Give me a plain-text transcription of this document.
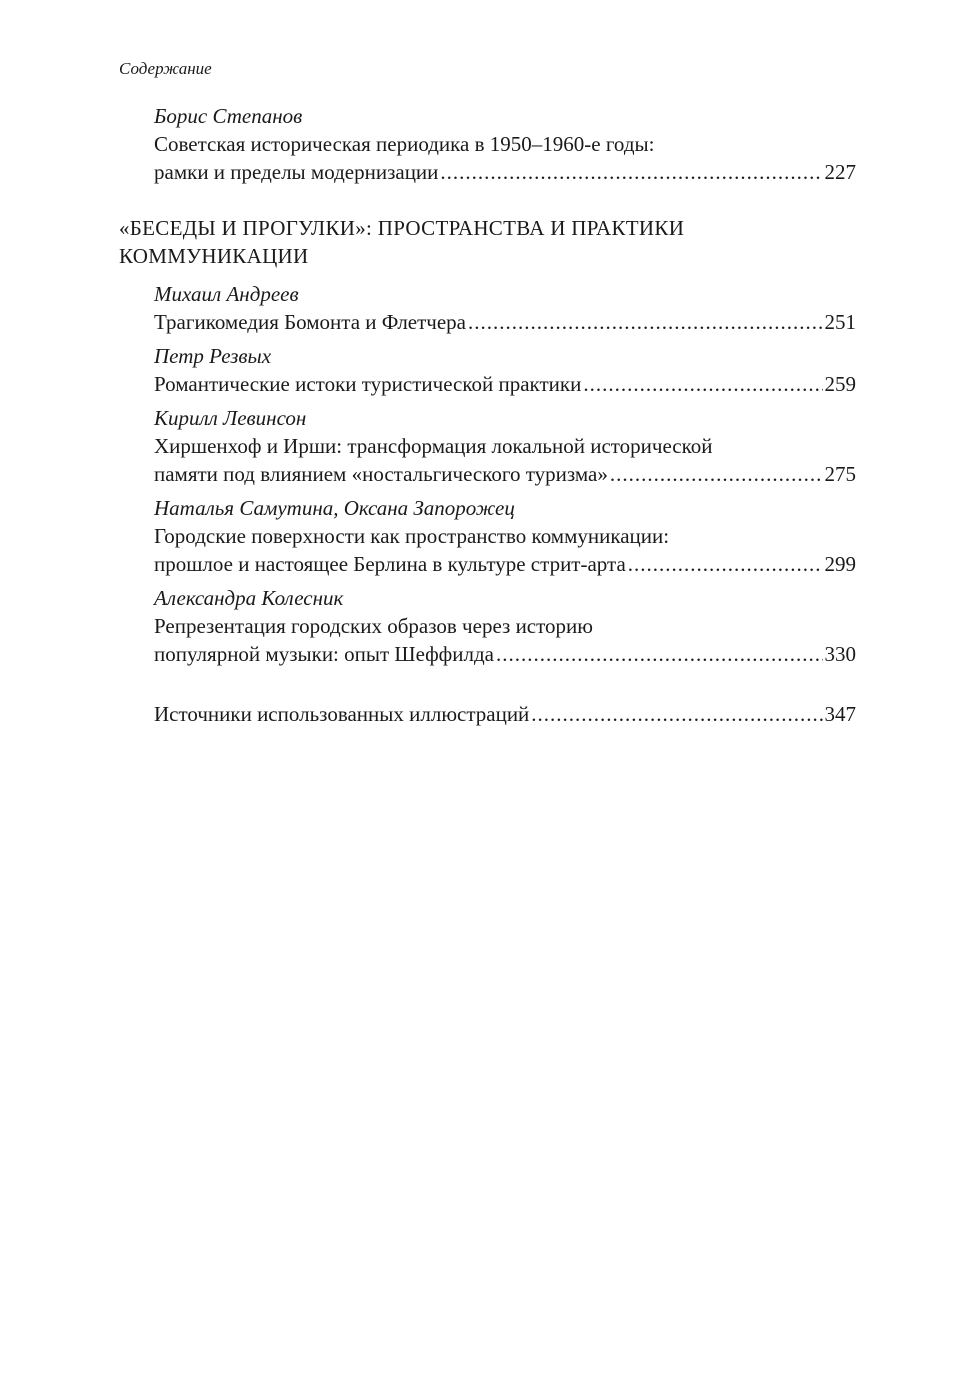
Содержание
Борис Степанов
Советская историческая периодика в 1950–1960-е годы:
рамки и пределы модернизации .....	227
«БЕСЕДЫ И ПРОГУЛКИ»: ПРОСТРАНСТВА И ПРАКТИКИ
КОММУНИКАЦИИ
Михаил Андреев
Трагикомедия Бомонта и Флетчера .....	251
Петр Резвых
Романтические истоки туристической практики .....	259
Кирилл Левинсон
Хиршенхоф и Ирши: трансформация локальной исторической
памяти под влиянием «ностальгического туризма» .....	275
Наталья Самутина, Оксана Запорожец
Городские поверхности как пространство коммуникации:
прошлое и настоящее Берлина в культуре стрит-арта .....	299
Александра Колесник
Репрезентация городских образов через историю
популярной музыки: опыт Шеффилда .....	330
Источники использованных иллюстраций .....	347
